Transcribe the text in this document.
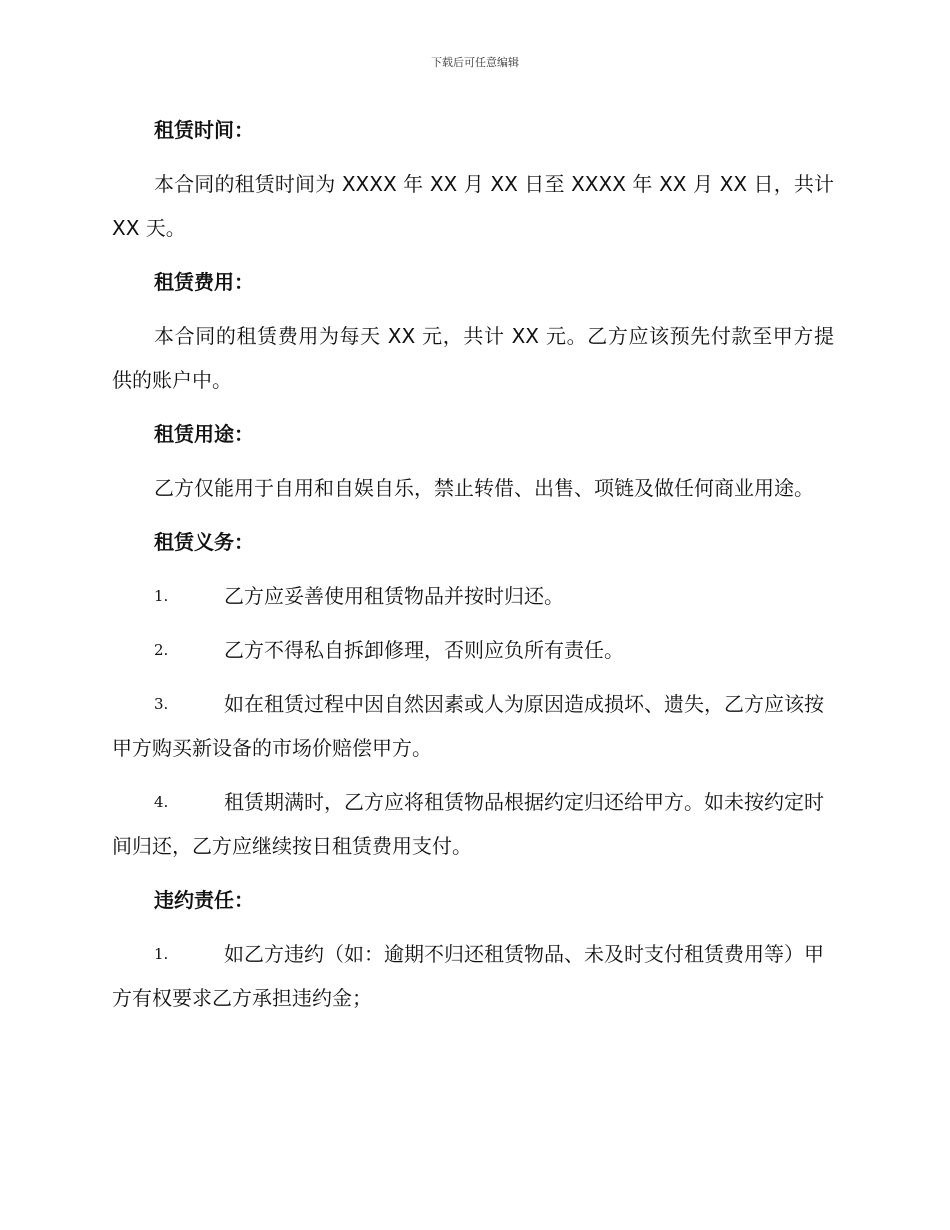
下载后可任意编辑
租赁时间：
本合同的租赁时间为 XXXX 年 XX 月 XX 日至 XXXX 年 XX 月 XX 日，共计 XX 天。
租赁费用：
本合同的租赁费用为每天 XX 元，共计 XX 元。乙方应该预先付款至甲方提供的账户中。
租赁用途：
乙方仅能用于自用和自娱自乐，禁止转借、出售、项链及做任何商业用途。
租赁义务：
1.	乙方应妥善使用租赁物品并按时归还。
2.	乙方不得私自拆卸修理，否则应负所有责任。
3.	如在租赁过程中因自然因素或人为原因造成损坏、遗失，乙方应该按甲方购买新设备的市场价赔偿甲方。
4.	租赁期满时，乙方应将租赁物品根据约定归还给甲方。如未按约定时间归还，乙方应继续按日租赁费用支付。
违约责任：
1.	如乙方违约（如：逾期不归还租赁物品、未及时支付租赁费用等）甲方有权要求乙方承担违约金；
